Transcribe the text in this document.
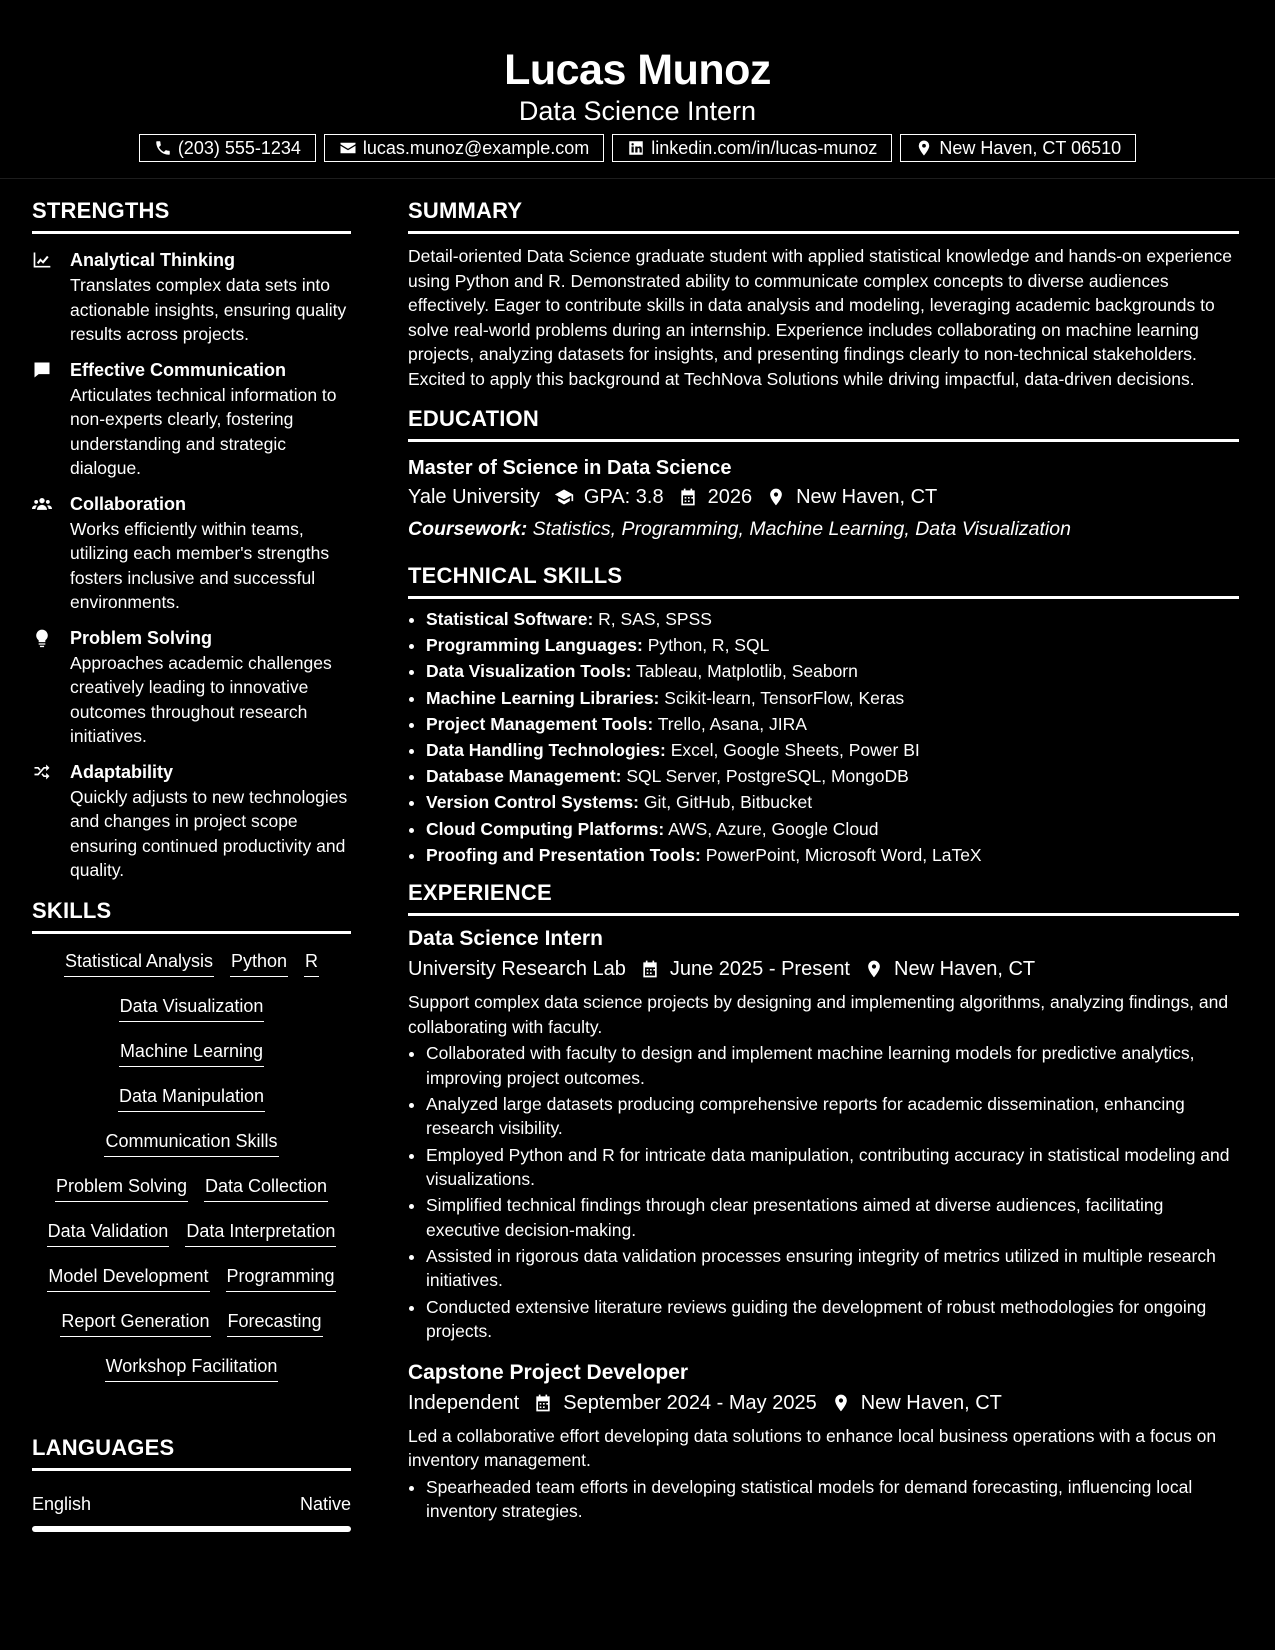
Lucas Munoz
Data Science Intern
(203) 555-1234	lucas.munoz@example.com	linkedin.com/in/lucas-munoz	New Haven, CT 06510
STRENGTHS
Analytical Thinking
Translates complex data sets into actionable insights, ensuring quality results across projects.
Effective Communication
Articulates technical information to non-experts clearly, fostering understanding and strategic dialogue.
Collaboration
Works efficiently within teams, utilizing each member's strengths fosters inclusive and successful environments.
Problem Solving
Approaches academic challenges creatively leading to innovative outcomes throughout research initiatives.
Adaptability
Quickly adjusts to new technologies and changes in project scope ensuring continued productivity and quality.
SKILLS
Statistical Analysis Python R
Data Visualization
Machine Learning
Data Manipulation
Communication Skills
Problem Solving Data Collection
Data Validation Data Interpretation
Model Development Programming
Report Generation Forecasting
Workshop Facilitation
LANGUAGES
English	Native
SUMMARY
Detail-oriented Data Science graduate student with applied statistical knowledge and hands-on experience using Python and R. Demonstrated ability to communicate complex concepts to diverse audiences effectively. Eager to contribute skills in data analysis and modeling, leveraging academic backgrounds to solve real-world problems during an internship. Experience includes collaborating on machine learning projects, analyzing datasets for insights, and presenting findings clearly to non-technical stakeholders. Excited to apply this background at TechNova Solutions while driving impactful, data-driven decisions.
EDUCATION
Master of Science in Data Science
Yale University GPA: 3.8 2026 New Haven, CT
Coursework: Statistics, Programming, Machine Learning, Data Visualization
TECHNICAL SKILLS
• Statistical Software: R, SAS, SPSS
• Programming Languages: Python, R, SQL
• Data Visualization Tools: Tableau, Matplotlib, Seaborn
• Machine Learning Libraries: Scikit-learn, TensorFlow, Keras
• Project Management Tools: Trello, Asana, JIRA
• Data Handling Technologies: Excel, Google Sheets, Power BI
• Database Management: SQL Server, PostgreSQL, MongoDB
• Version Control Systems: Git, GitHub, Bitbucket
• Cloud Computing Platforms: AWS, Azure, Google Cloud
• Proofing and Presentation Tools: PowerPoint, Microsoft Word, LaTeX
EXPERIENCE
Data Science Intern
University Research Lab June 2025 - Present New Haven, CT
Support complex data science projects by designing and implementing algorithms, analyzing findings, and collaborating with faculty.
• Collaborated with faculty to design and implement machine learning models for predictive analytics, improving project outcomes.
• Analyzed large datasets producing comprehensive reports for academic dissemination, enhancing research visibility.
• Employed Python and R for intricate data manipulation, contributing accuracy in statistical modeling and visualizations.
• Simplified technical findings through clear presentations aimed at diverse audiences, facilitating executive decision-making.
• Assisted in rigorous data validation processes ensuring integrity of metrics utilized in multiple research initiatives.
• Conducted extensive literature reviews guiding the development of robust methodologies for ongoing projects.
Capstone Project Developer
Independent September 2024 - May 2025 New Haven, CT
Led a collaborative effort developing data solutions to enhance local business operations with a focus on inventory management.
• Spearheaded team efforts in developing statistical models for demand forecasting, influencing local inventory strategies.
